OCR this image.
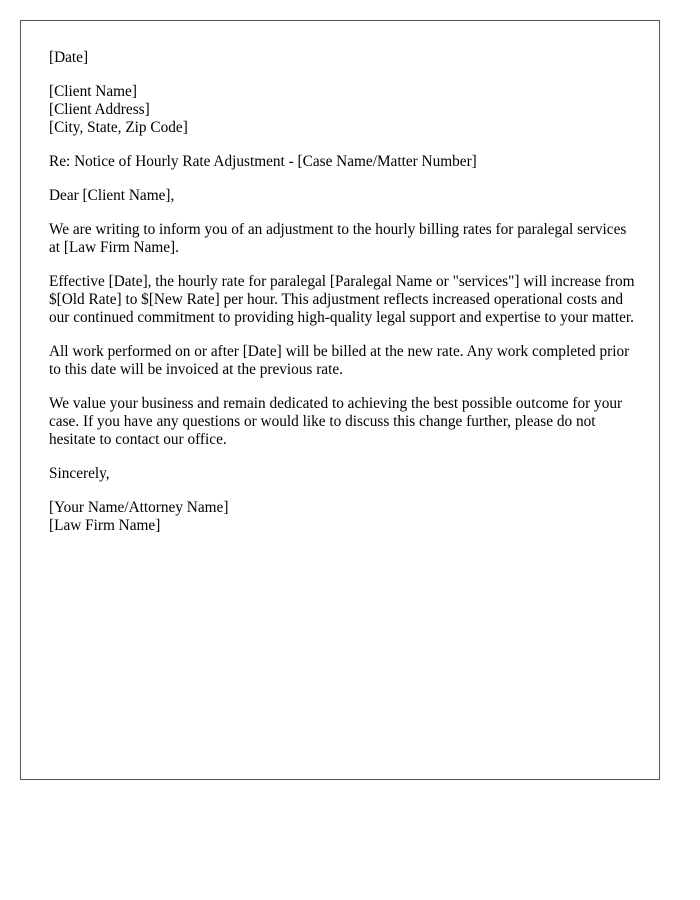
[Date]

[Client Name]
[Client Address]
[City, State, Zip Code]

Re: Notice of Hourly Rate Adjustment - [Case Name/Matter Number]

Dear [Client Name],

We are writing to inform you of an adjustment to the hourly billing rates for paralegal services at [Law Firm Name].

Effective [Date], the hourly rate for paralegal [Paralegal Name or "services"] will increase from $[Old Rate] to $[New Rate] per hour. This adjustment reflects increased operational costs and our continued commitment to providing high-quality legal support and expertise to your matter.

All work performed on or after [Date] will be billed at the new rate. Any work completed prior to this date will be invoiced at the previous rate.

We value your business and remain dedicated to achieving the best possible outcome for your case. If you have any questions or would like to discuss this change further, please do not hesitate to contact our office.

Sincerely,

[Your Name/Attorney Name]
[Law Firm Name]
